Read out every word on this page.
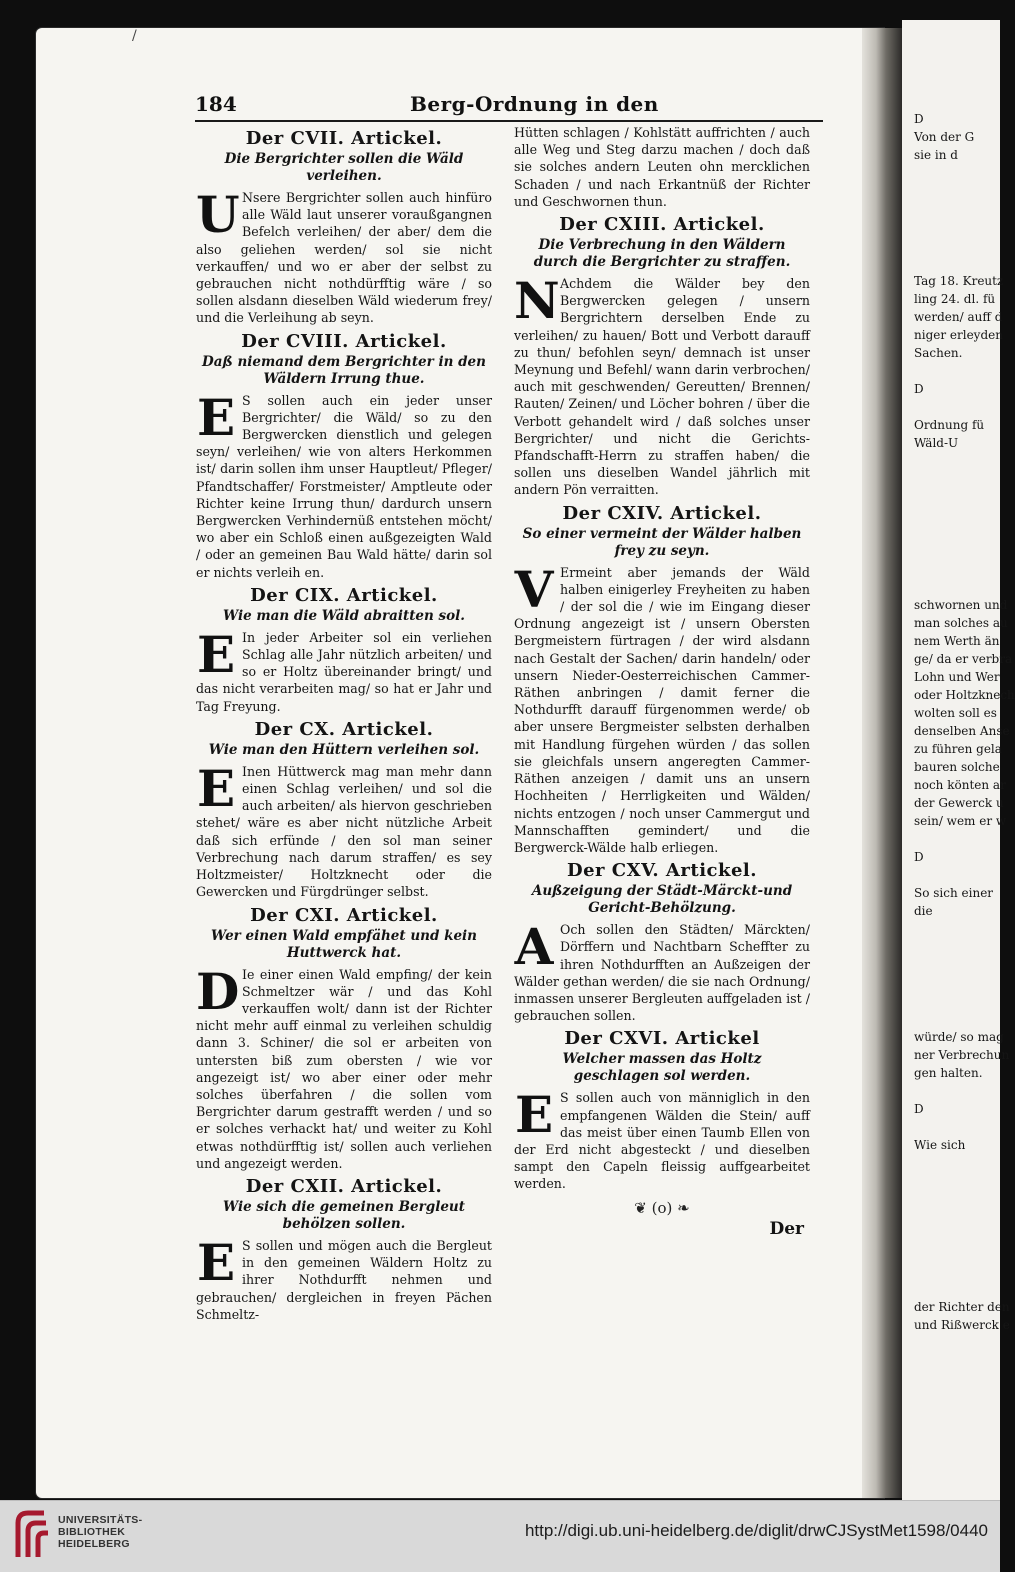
/
184	Berg-Ordnung in den
Der CVII. Artickel.
Die Bergrichter sollen die Wäld verleihen.
U Nsere Bergrichter sollen auch hinfüro alle Wäld laut unserer voraußgangnen Befelch verleihen/ der aber/ dem die also geliehen werden/ sol sie nicht verkauffen/ und wo er aber der selbst zu gebrauchen nicht nothdürfftig wäre / so sollen alsdann dieselben Wäld wiederum frey/ und die Verleihung ab seyn.
Der CVIII. Artickel.
Daß niemand dem Bergrichter in den Wäldern Irrung thue.
E S sollen auch ein jeder unser Bergrichter/ die Wäld/ so zu den Bergwercken dienstlich und gelegen seyn/ verleihen/ wie von alters Herkommen ist/ darin sollen ihm unser Hauptleut/ Pfleger/ Pfandtschaffer/ Forstmeister/ Amptleute oder Richter keine Irrung thun/ dardurch unsern Bergwercken Verhindernüß entstehen möcht/ wo aber ein Schloß einen außgezeigten Wald / oder an gemeinen Bau Wald hätte/ darin sol er nichts verleih en.
Der CIX. Artickel.
Wie man die Wäld abraitten sol.
E In jeder Arbeiter sol ein verliehen Schlag alle Jahr nützlich arbeiten/ und so er Holtz übereinander bringt/ und das nicht verarbeiten mag/ so hat er Jahr und Tag Freyung.
Der CX. Artickel.
Wie man den Hüttern verleihen sol.
E Inen Hüttwerck mag man mehr dann einen Schlag verleihen/ und sol die auch arbeiten/ als hiervon geschrieben stehet/ wäre es aber nicht nützliche Arbeit daß sich erfünde / den sol man seiner Verbrechung nach darum straffen/ es sey Holtzmeister/ Holtzknecht oder die Gewercken und Fürgdrünger selbst.
Der CXI. Artickel.
Wer einen Wald empfähet und kein Huttwerck hat.
D Ie einer einen Wald empfing/ der kein Schmeltzer wär / und das Kohl verkauffen wolt/ dann ist der Richter nicht mehr auff einmal zu verleihen schuldig dann 3. Schiner/ die sol er arbeiten von untersten biß zum obersten / wie vor angezeigt ist/ wo aber einer oder mehr solches überfahren / die sollen vom Bergrichter darum gestrafft werden / und so er solches verhackt hat/ und weiter zu Kohl etwas nothdürfftig ist/ sollen auch verliehen und angezeigt werden.
Der CXII. Artickel.
Wie sich die gemeinen Bergleut behölzen sollen.
E S sollen und mögen auch die Bergleut in den gemeinen Wäldern Holtz zu ihrer Nothdurfft nehmen und gebrauchen/ dergleichen in freyen Pächen Schmeltz-
Hütten schlagen / Kohlstätt auffrichten / auch alle Weg und Steg darzu machen / doch daß sie solches andern Leuten ohn mercklichen Schaden / und nach Erkantnüß der Richter und Geschwornen thun.
Der CXIII. Artickel.
Die Verbrechung in den Wäldern durch die Bergrichter zu straffen.
N Achdem die Wälder bey den Bergwercken gelegen / unsern Bergrichtern derselben Ende zu verleihen/ zu hauen/ Bott und Verbott darauff zu thun/ befohlen seyn/ demnach ist unser Meynung und Befehl/ wann darin verbrochen/ auch mit geschwenden/ Gereutten/ Brennen/ Rauten/ Zeinen/ und Löcher bohren / über die Verbott gehandelt wird / daß solches unser Bergrichter/ und nicht die Gerichts-Pfandschafft-Herrn zu straffen haben/ die sollen uns dieselben Wandel jährlich mit andern Pön verraitten.
Der CXIV. Artickel.
So einer vermeint der Wälder halben frey zu seyn.
V Ermeint aber jemands der Wäld halben einigerley Freyheiten zu haben / der sol die / wie im Eingang dieser Ordnung angezeigt ist / unsern Obersten Bergmeistern fürtragen / der wird alsdann nach Gestalt der Sachen/ darin handeln/ oder unsern Nieder-Oesterreichischen Cammer-Räthen anbringen / damit ferner die Nothdurfft darauff fürgenommen werde/ ob aber unsere Bergmeister selbsten derhalben mit Handlung fürgehen würden / das sollen sie gleichfals unsern angeregten Cammer-Räthen anzeigen / damit uns an unsern Hochheiten / Herrligkeiten und Wälden/ nichts entzogen / noch unser Cammergut und Mannschafften gemindert/ und die Bergwerck-Wälde halb erliegen.
Der CXV. Artickel.
Außzeigung der Städt-Märckt-und Gericht-Behölzung.
A Och sollen den Städten/ Märckten/ Dörffern und Nachtbarn Scheffter zu ihren Nothdurfften an Außzeigen der Wälder gethan werden/ die sie nach Ordnung/ inmassen unserer Bergleuten auffgeladen ist / gebrauchen sollen.
Der CXVI. Artickel
Welcher massen das Holtz geschlagen sol werden.
E S sollen auch von männiglich in den empfangenen Wälden die Stein/ auff das meist über einen Taumb Ellen von der Erd nicht abgesteckt / und dieselben sampt den Capeln fleissig auffgearbeitet werden.
❦ (o) ❧
Der
D
Von der G
sie in d

Tag 18. Kreutz
ling 24. dl. fü
werden/ auff d
niger erleyden
Sachen.

D

Ordnung fü
Wäld-U

schwornen und
man solches au
nem Werth än
ge/ da er verbra
Lohn und Wer
oder Holtzknech
wolten soll es
denselben Anse
zu führen gela
bauren solche
noch könten ar
der Gewerck u
sein/ wem er w

D

So sich einer
die

würde/ so mag
ner Verbrechun
gen halten.

D

Wie sich

der Richter den
und Rißwerck e
UNIVERSITÄTS-
BIBLIOTHEK
HEIDELBERG
http://digi.ub.uni-heidelberg.de/diglit/drwCJSystMet1598/0440
